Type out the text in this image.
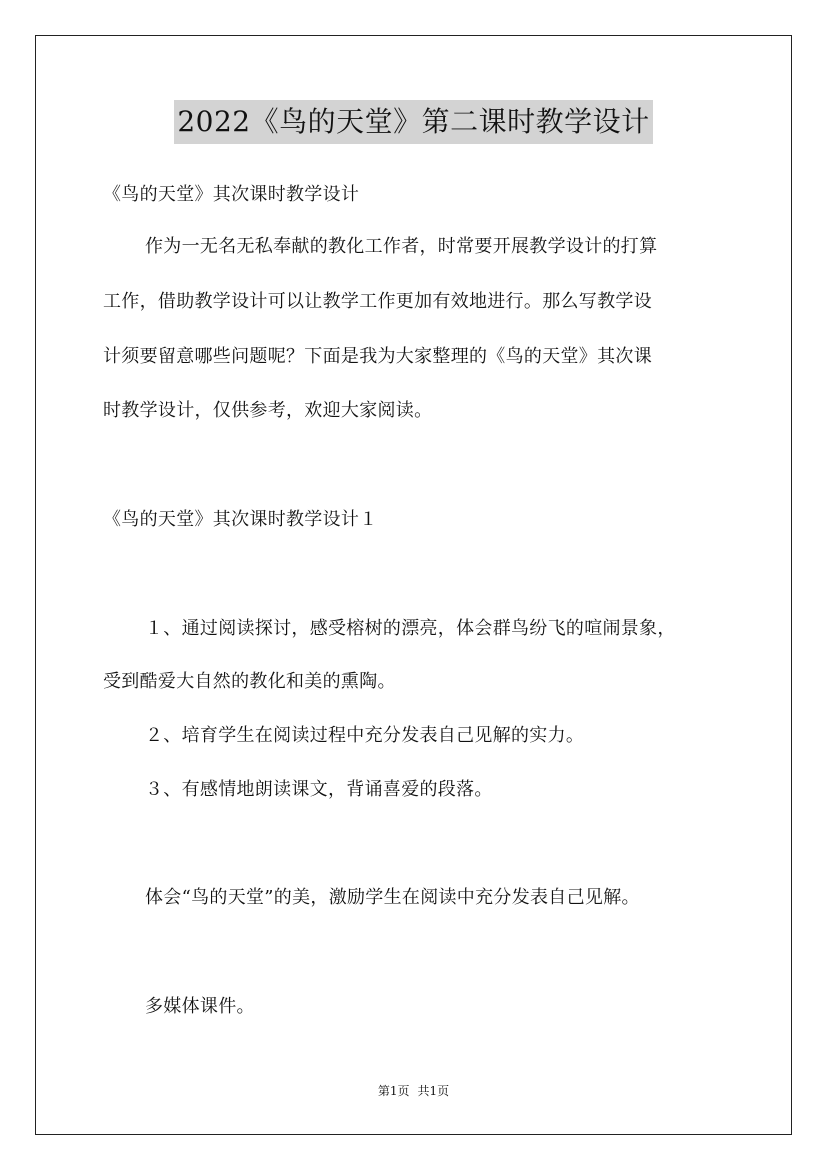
2022《鸟的天堂》第二课时教学设计
《鸟的天堂》其次课时教学设计
作为一无名无私奉献的教化工作者，时常要开展教学设计的打算
工作，借助教学设计可以让教学工作更加有效地进行。那么写教学设
计须要留意哪些问题呢？下面是我为大家整理的《鸟的天堂》其次课
时教学设计，仅供参考，欢迎大家阅读。
《鸟的天堂》其次课时教学设计１
１、通过阅读探讨，感受榕树的漂亮，体会群鸟纷飞的喧闹景象，
受到酷爱大自然的教化和美的熏陶。
２、培育学生在阅读过程中充分发表自己见解的实力。
３、有感情地朗读课文，背诵喜爱的段落。
体会“鸟的天堂”的美，激励学生在阅读中充分发表自己见解。
多媒体课件。
第1页 共1页
